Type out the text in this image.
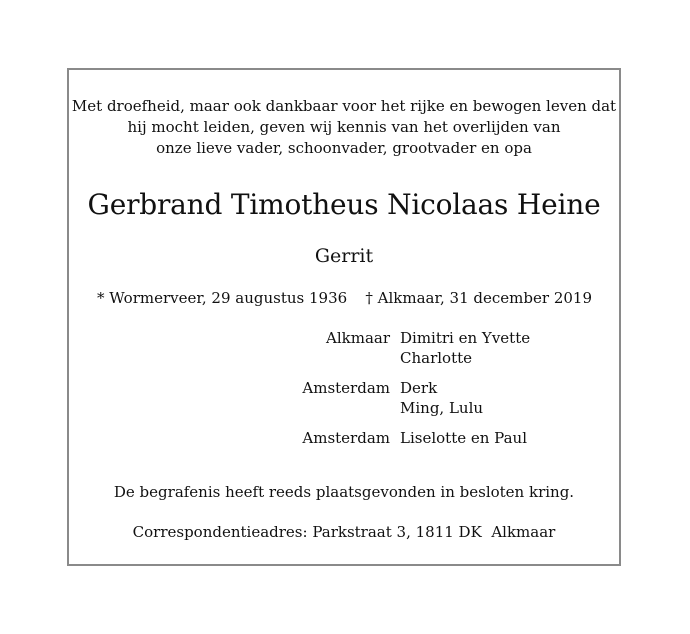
Met droefheid, maar ook dankbaar voor het rijke en bewogen leven dat
hij mocht leiden, geven wij kennis van het overlijden van
onze lieve vader, schoonvader, grootvader en opa
Gerbrand Timotheus Nicolaas Heine
Gerrit
* Wormerveer, 29 augustus 1936 † Alkmaar, 31 december 2019
Alkmaar Dimitri en Yvette
Charlotte
Amsterdam Derk
Ming, Lulu
Amsterdam Liselotte en Paul
De begrafenis heeft reeds plaatsgevonden in besloten kring.
Correspondentieadres: Parkstraat 3, 1811 DK  Alkmaar
